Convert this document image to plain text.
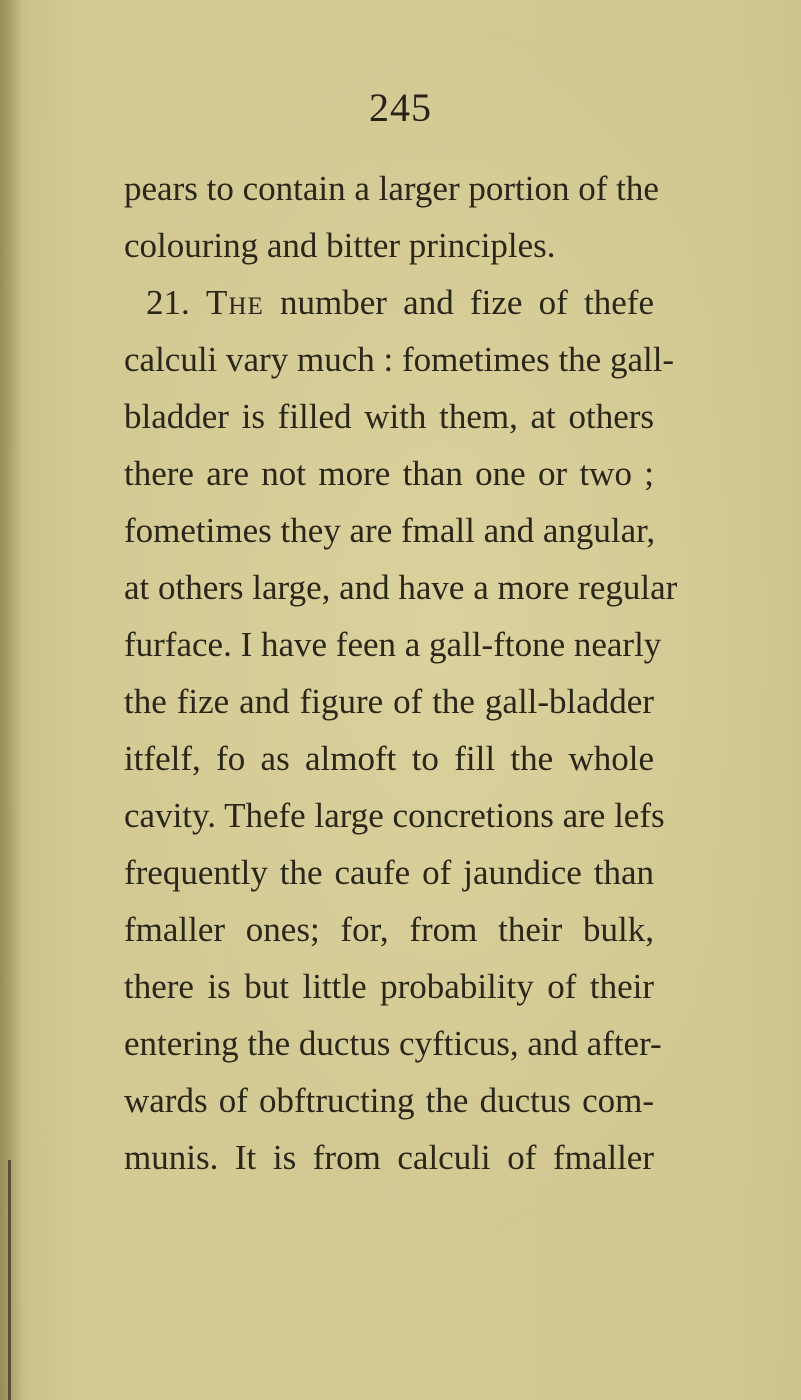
245
pears to contain a larger portion of the
colouring and bitter principles.
21. The number and fize of thefe
calculi vary much : fometimes the gall-
bladder is filled with them, at others
there are not more than one or two ;
fometimes they are fmall and angular,
at others large, and have a more regular
furface. I have feen a gall-ftone nearly
the fize and figure of the gall-bladder
itfelf, fo as almoft to fill the whole
cavity. Thefe large concretions are lefs
frequently the caufe of jaundice than
fmaller ones; for, from their bulk,
there is but little probability of their
entering the ductus cyfticus, and after-
wards of obftructing the ductus com-
munis. It is from calculi of fmaller
